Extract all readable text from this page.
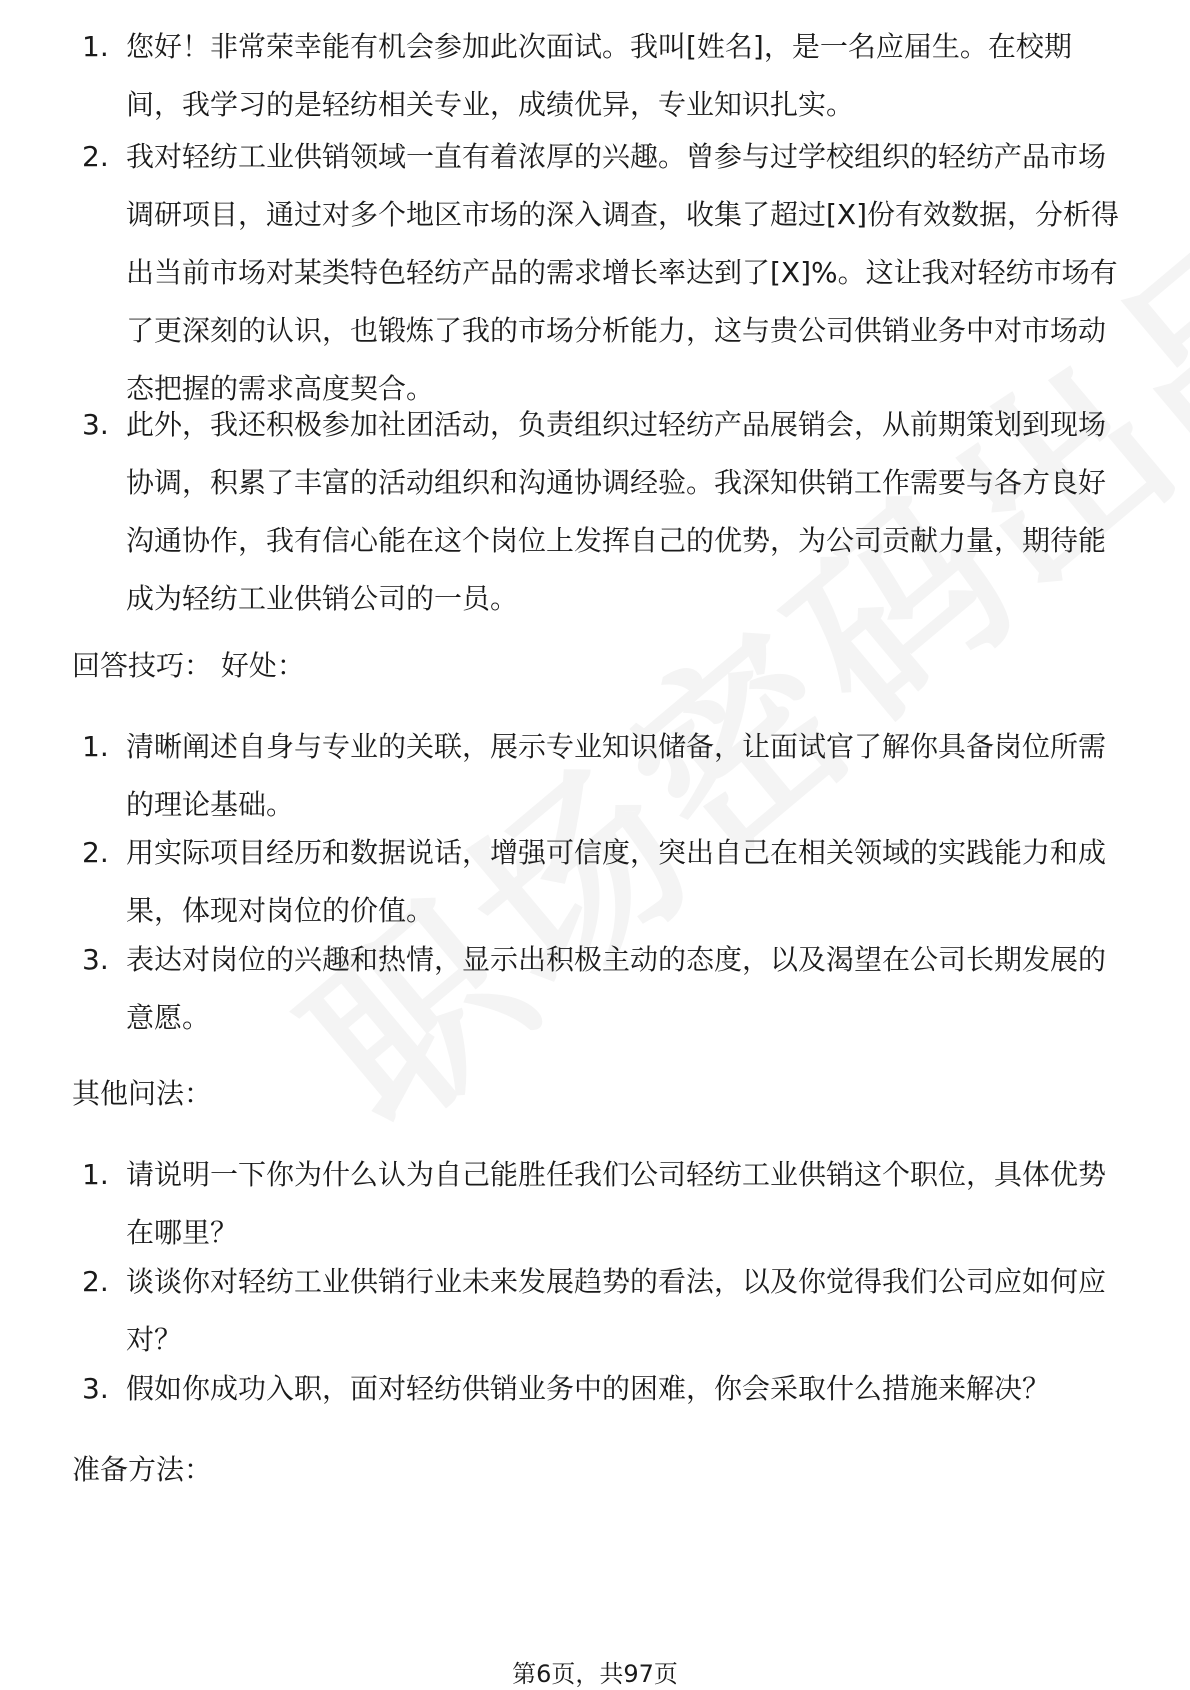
1. 您好！非常荣幸能有机会参加此次面试。我叫[姓名]，是一名应届生。在校期间，我学习的是轻纺相关专业，成绩优异，专业知识扎实。
2. 我对轻纺工业供销领域一直有着浓厚的兴趣。曾参与过学校组织的轻纺产品市场调研项目，通过对多个地区市场的深入调查，收集了超过[X]份有效数据，分析得出当前市场对某类特色轻纺产品的需求增长率达到了[X]%。这让我对轻纺市场有了更深刻的认识，也锻炼了我的市场分析能力，这与贵公司供销业务中对市场动态把握的需求高度契合。
3. 此外，我还积极参加社团活动，负责组织过轻纺产品展销会，从前期策划到现场协调，积累了丰富的活动组织和沟通协调经验。我深知供销工作需要与各方良好沟通协作，我有信心能在这个岗位上发挥自己的优势，为公司贡献力量，期待能成为轻纺工业供销公司的一员。
回答技巧： 好处：
1. 清晰阐述自身与专业的关联，展示专业知识储备，让面试官了解你具备岗位所需的理论基础。
2. 用实际项目经历和数据说话，增强可信度，突出自己在相关领域的实践能力和成果，体现对岗位的价值。
3. 表达对岗位的兴趣和热情，显示出积极主动的态度，以及渴望在公司长期发展的意愿。
其他问法：
1. 请说明一下你为什么认为自己能胜任我们公司轻纺工业供销这个职位，具体优势在哪里？
2. 谈谈你对轻纺工业供销行业未来发展趋势的看法，以及你觉得我们公司应如何应对？
3. 假如你成功入职，面对轻纺供销业务中的困难，你会采取什么措施来解决？
准备方法：
第6页，共97页
